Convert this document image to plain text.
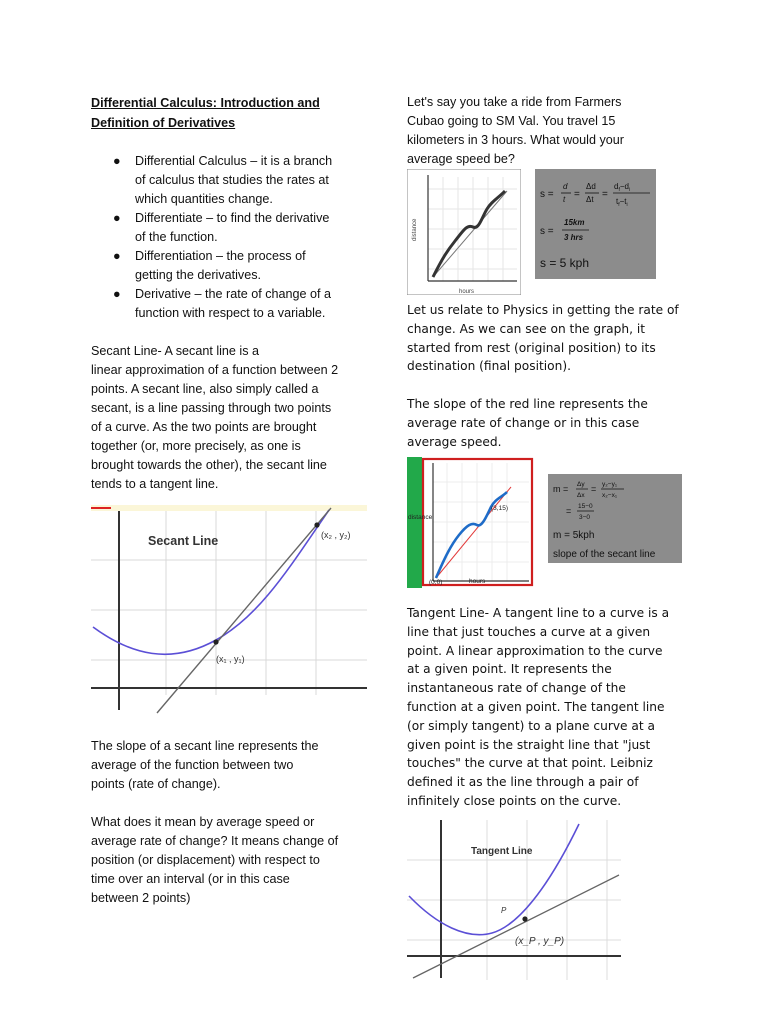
Differential Calculus: Introduction and

Definition of Derivatives

● Differential Calculus – it is a branch
of calculus that studies the rates at
which quantities change.
● Differentiate – to find the derivative
of the function.
● Differentiation – the process of
getting the derivatives.
● Derivative – the rate of change of a
function with respect to a variable.
Secant Line- A secant line is a
linear approximation of a function between 2
points. A secant line, also simply called a
secant, is a line passing through two points
of a curve. As the two points are brought
together (or, more precisely, as one is
brought towards the other), the secant line
tends to a tangent line.
Secant Line
(x₁ , y₁)
(x₂ , y₂)
The slope of a secant line represents the
average of the function between two
points (rate of change).
What does it mean by average speed or
average rate of change? It means change of
position (or displacement) with respect to
time over an interval (or in this case
between 2 points)
Let's say you take a ride from Farmers
Cubao going to SM Val. You travel 15
kilometers in 3 hours. What would your
average speed be?
distance
hours
s =
d
t =
Δd
Δt =
$d_f-d_i$
$t_f-t_i$
s =
15km
3 hrs
s = 5 kph
Let us relate to Physics in getting the rate of
change. As we can see on the graph, it
started from rest (original position) to its
destination (final position).
The slope of the red line represents the
average rate of change or in this case
average speed.
distance
hours
(0,0)
(3,15)
m = Δy
Δx
= y₂−y₁
x₂−x₁
= 15−0
3−0
m = 5kph
slope of the secant line
Tangent Line- A tangent line to a curve is a
line that just touches a curve at a given
point. A linear approximation to the curve
at a given point. It represents the
instantaneous rate of change of the
function at a given point. The tangent line
(or simply tangent) to a plane curve at a
given point is the straight line that "just
touches" the curve at that point. Leibniz
defined it as the line through a pair of
infinitely close points on the curve.
Tangent Line
P
(x_P , y_P)
